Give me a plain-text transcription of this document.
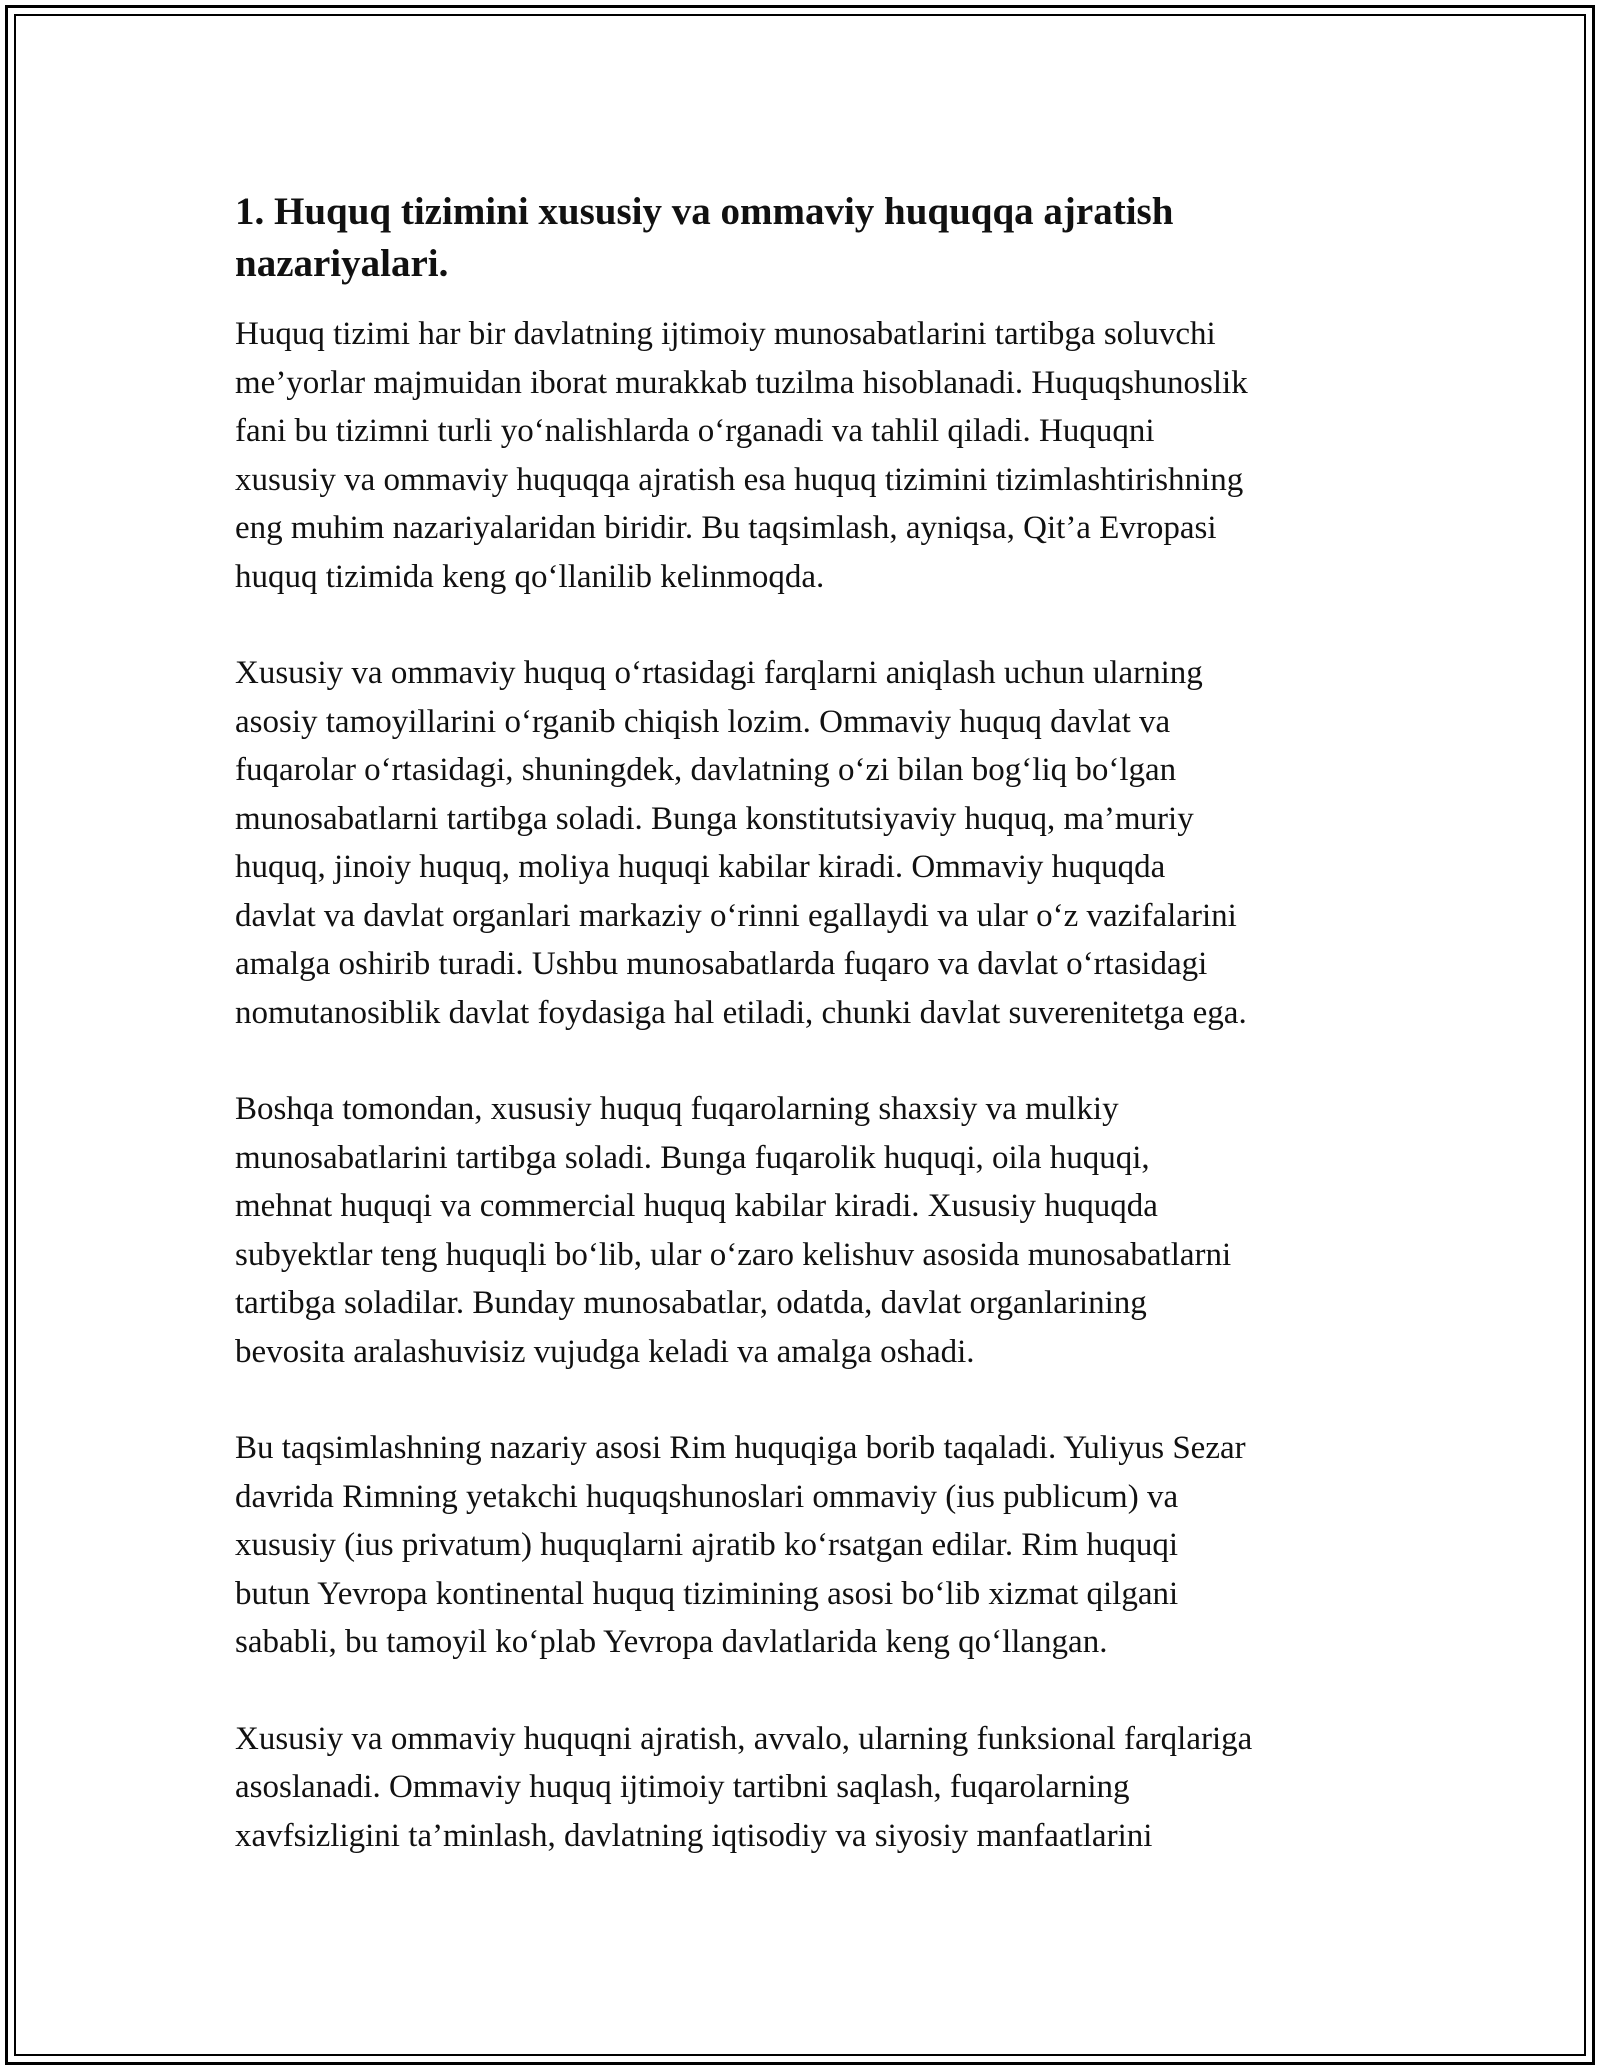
1. Huquq tizimini xususiy va ommaviy huquqqa ajratish nazariyalari.

Huquq tizimi har bir davlatning ijtimoiy munosabatlarini tartibga soluvchi
me’yorlar majmuidan iborat murakkab tuzilma hisoblanadi. Huquqshunoslik
fani bu tizimni turli yo‘nalishlarda o‘rganadi va tahlil qiladi. Huquqni
xususiy va ommaviy huquqqa ajratish esa huquq tizimini tizimlashtirishning
eng muhim nazariyalaridan biridir. Bu taqsimlash, ayniqsa, Qit’a Evropasi
huquq tizimida keng qo‘llanilib kelinmoqda.

Xususiy va ommaviy huquq o‘rtasidagi farqlarni aniqlash uchun ularning
asosiy tamoyillarini o‘rganib chiqish lozim. Ommaviy huquq davlat va
fuqarolar o‘rtasidagi, shuningdek, davlatning o‘zi bilan bog‘liq bo‘lgan
munosabatlarni tartibga soladi. Bunga konstitutsiyaviy huquq, ma’muriy
huquq, jinoiy huquq, moliya huquqi kabilar kiradi. Ommaviy huquqda
davlat va davlat organlari markaziy o‘rinni egallaydi va ular o‘z vazifalarini
amalga oshirib turadi. Ushbu munosabatlarda fuqaro va davlat o‘rtasidagi
nomutanosiblik davlat foydasiga hal etiladi, chunki davlat suverenitetga ega.

Boshqa tomondan, xususiy huquq fuqarolarning shaxsiy va mulkiy
munosabatlarini tartibga soladi. Bunga fuqarolik huquqi, oila huquqi,
mehnat huquqi va commercial huquq kabilar kiradi. Xususiy huquqda
subyektlar teng huquqli bo‘lib, ular o‘zaro kelishuv asosida munosabatlarni
tartibga soladilar. Bunday munosabatlar, odatda, davlat organlarining
bevosita aralashuvisiz vujudga keladi va amalga oshadi.

Bu taqsimlashning nazariy asosi Rim huquqiga borib taqaladi. Yuliyus Sezar
davrida Rimning yetakchi huquqshunoslari ommaviy (ius publicum) va
xususiy (ius privatum) huquqlarni ajratib ko‘rsatgan edilar. Rim huquqi
butun Yevropa kontinental huquq tizimining asosi bo‘lib xizmat qilgani
sababli, bu tamoyil ko‘plab Yevropa davlatlarida keng qo‘llangan.

Xususiy va ommaviy huquqni ajratish, avvalo, ularning funksional farqlariga
asoslanadi. Ommaviy huquq ijtimoiy tartibni saqlash, fuqarolarning
xavfsizligini ta’minlash, davlatning iqtisodiy va siyosiy manfaatlarini
